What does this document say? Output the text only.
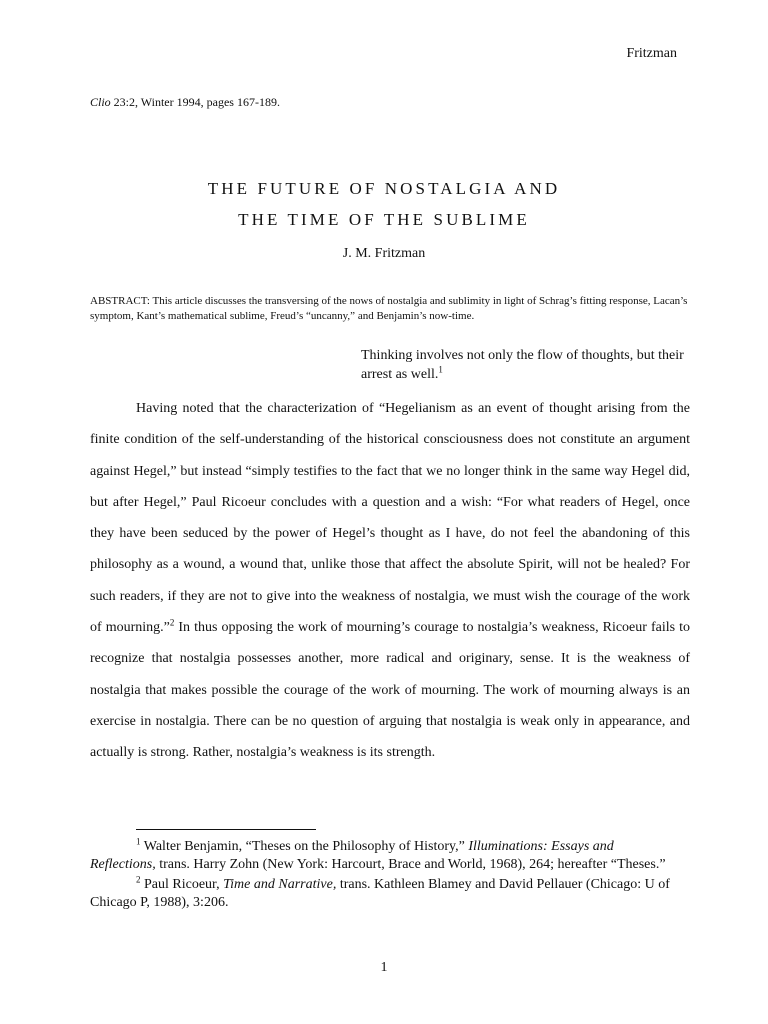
Fritzman
Clio 23:2, Winter 1994, pages 167-189.
THE FUTURE OF NOSTALGIA AND
THE TIME OF THE SUBLIME
J. M. Fritzman
ABSTRACT: This article discusses the transversing of the nows of nostalgia and sublimity in light of Schrag’s fitting response, Lacan’s symptom, Kant’s mathematical sublime, Freud’s “uncanny,” and Benjamin’s now-time.
Thinking involves not only the flow of thoughts, but their arrest as well.$^1$

Having noted that the characterization of “Hegelianism as an event of thought arising from the finite condition of the self-understanding of the historical consciousness does not constitute an argument against Hegel,” but instead “simply testifies to the fact that we no longer think in the same way Hegel did, but after Hegel,” Paul Ricoeur concludes with a question and a wish: “For what readers of Hegel, once they have been seduced by the power of Hegel’s thought as I have, do not feel the abandoning of this philosophy as a wound, a wound that, unlike those that affect the absolute Spirit, will not be healed? For such readers, if they are not to give into the weakness of nostalgia, we must wish the courage of the work of mourning.”$^2$ In thus opposing the work of mourning’s courage to nostalgia’s weakness, Ricoeur fails to recognize that nostalgia possesses another, more radical and originary, sense. It is the weakness of nostalgia that makes possible the courage of the work of mourning. The work of mourning always is an exercise in nostalgia. There can be no question of arguing that nostalgia is weak only in appearance, and actually is strong. Rather, nostalgia’s weakness is its strength.

$^1$ Walter Benjamin, “Theses on the Philosophy of History,” Illuminations: Essays and Reflections, trans. Harry Zohn (New York: Harcourt, Brace and World, 1968), 264; hereafter “Theses.”

$^2$ Paul Ricoeur, Time and Narrative, trans. Kathleen Blamey and David Pellauer (Chicago: U of Chicago P, 1988), 3:206.

1
